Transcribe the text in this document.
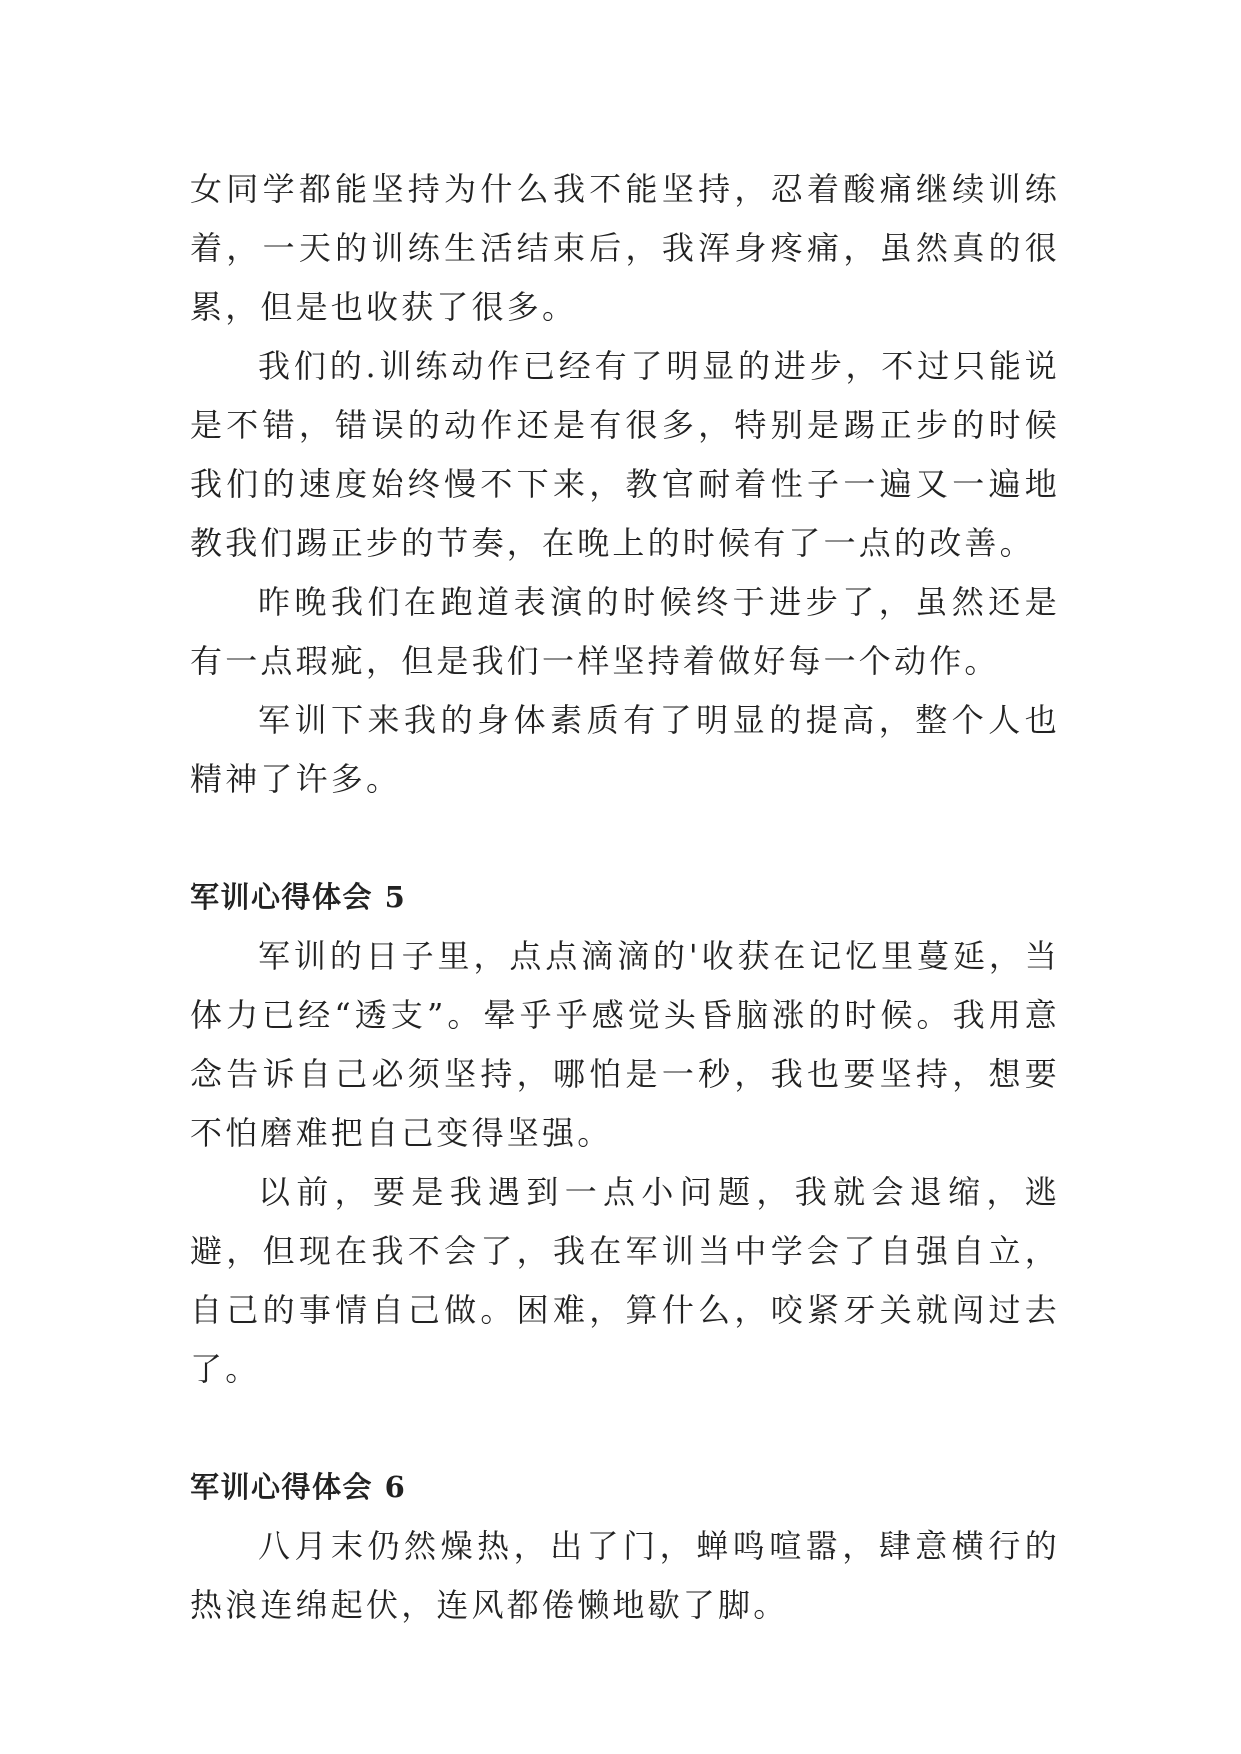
女同学都能坚持为什么我不能坚持，忍着酸痛继续训练着，一天的训练生活结束后，我浑身疼痛，虽然真的很累，但是也收获了很多。

我们的.训练动作已经有了明显的进步，不过只能说是不错，错误的动作还是有很多，特别是踢正步的时候我们的速度始终慢不下来，教官耐着性子一遍又一遍地教我们踢正步的节奏，在晚上的时候有了一点的改善。

昨晚我们在跑道表演的时候终于进步了，虽然还是有一点瑕疵，但是我们一样坚持着做好每一个动作。

军训下来我的身体素质有了明显的提高，整个人也精神了许多。

军训心得体会 5

军训的日子里，点点滴滴的'收获在记忆里蔓延，当体力已经“透支”。晕乎乎感觉头昏脑涨的时候。我用意念告诉自己必须坚持，哪怕是一秒，我也要坚持，想要不怕磨难把自己变得坚强。

以前，要是我遇到一点小问题，我就会退缩，逃避，但现在我不会了，我在军训当中学会了自强自立，自己的事情自己做。困难，算什么，咬紧牙关就闯过去了。

军训心得体会 6

八月末仍然燥热，出了门，蝉鸣喧嚣，肆意横行的热浪连绵起伏，连风都倦懒地歇了脚。
